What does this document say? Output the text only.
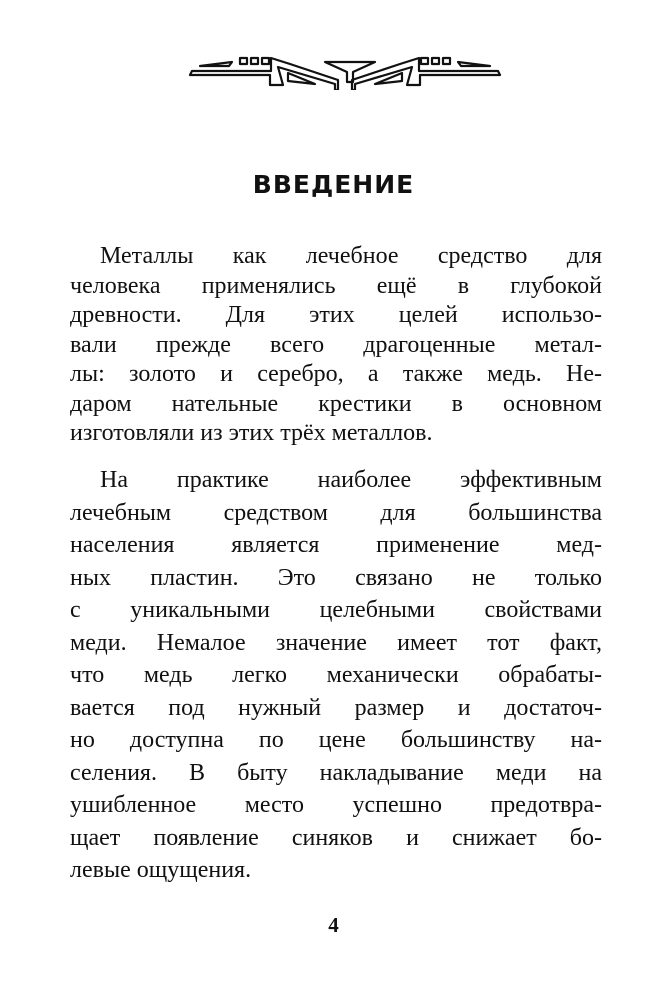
ВВЕДЕНИЕ
Металлы как лечебное средство для
человека применялись ещё в глубокой
древности. Для этих целей использо-
вали прежде всего драгоценные метал-
лы: золото и серебро, а также медь. Не-
даром нательные крестики в основном
изготовляли из этих трёх металлов.
На практике наиболее эффективным
лечебным средством для большинства
населения является применение мед-
ных пластин. Это связано не только
с уникальными целебными свойствами
меди. Немалое значение имеет тот факт,
что медь легко механически обрабаты-
вается под нужный размер и достаточ-
но доступна по цене большинству на-
селения. В быту накладывание меди на
ушибленное место успешно предотвра-
щает появление синяков и снижает бо-
левые ощущения.
4
